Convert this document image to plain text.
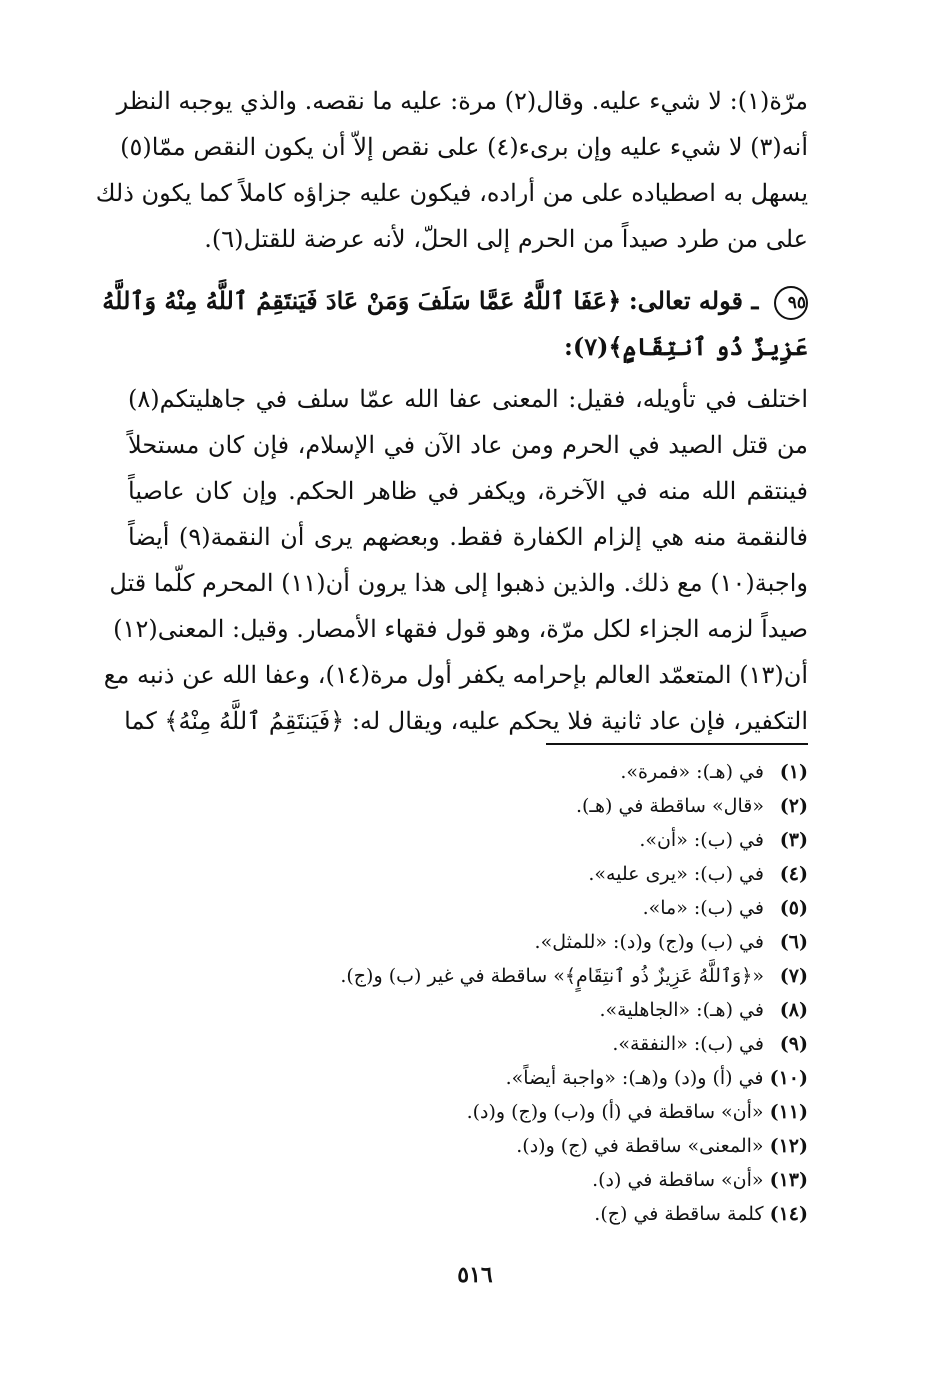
مرّة(١): لا شيء عليه. وقال(٢) مرة: عليه ما نقصه. والذي يوجبه النظر
أنه(٣) لا شيء عليه وإن برىء(٤) على نقص إلاّ أن يكون النقص ممّا(٥)
يسهل به اصطياده على من أراده، فيكون عليه جزاؤه كاملاً كما يكون ذلك
على من طرد صيداً من الحرم إلى الحلّ، لأنه عرضة للقتل(٦).
٩٥ ـ قوله تعالى: ﴿عَفَا ٱللَّهُ عَمَّا سَلَفَ وَمَنْ عَادَ فَيَنتَقِمُ ٱللَّهُ مِنْهُ وَٱللَّهُ
عَزِيزٌ ذُو ٱنتِقَامٍ﴾(٧):
اختلف في تأويله، فقيل: المعنى عفا الله عمّا سلف في جاهليتكم(٨)
من قتل الصيد في الحرم ومن عاد الآن في الإسلام، فإن كان مستحلاً
فينتقم الله منه في الآخرة، ويكفر في ظاهر الحكم. وإن كان عاصياً
فالنقمة منه هي إلزام الكفارة فقط. وبعضهم يرى أن النقمة(٩) أيضاً
واجبة(١٠) مع ذلك. والذين ذهبوا إلى هذا يرون أن(١١) المحرم كلّما قتل
صيداً لزمه الجزاء لكل مرّة، وهو قول فقهاء الأمصار. وقيل: المعنى(١٢)
أن(١٣) المتعمّد العالم بإحرامه يكفر أول مرة(١٤)، وعفا الله عن ذنبه مع
التكفير، فإن عاد ثانية فلا يحكم عليه، ويقال له: ﴿فَيَنتَقِمُ ٱللَّهُ مِنْهُ﴾ كما
(١) في (هـ): «فمرة».
(٢) «قال» ساقطة في (هـ).
(٣) في (ب): «أن».
(٤) في (ب): «يرى عليه».
(٥) في (ب): «ما».
(٦) في (ب) و(ج) و(د): «للمثل».
(٧) «﴿وَٱللَّهُ عَزِيزٌ ذُو ٱنتِقَامٍ﴾» ساقطة في غير (ب) و(ج).
(٨) في (هـ): «الجاهلية».
(٩) في (ب): «النفقة».
(١٠) في (أ) و(د) و(هـ): «واجبة أيضاً».
(١١) «أن» ساقطة في (أ) و(ب) و(ج) و(د).
(١٢) «المعنى» ساقطة في (ج) و(د).
(١٣) «أن» ساقطة في (د).
(١٤) كلمة ساقطة في (ج).
٥١٦
